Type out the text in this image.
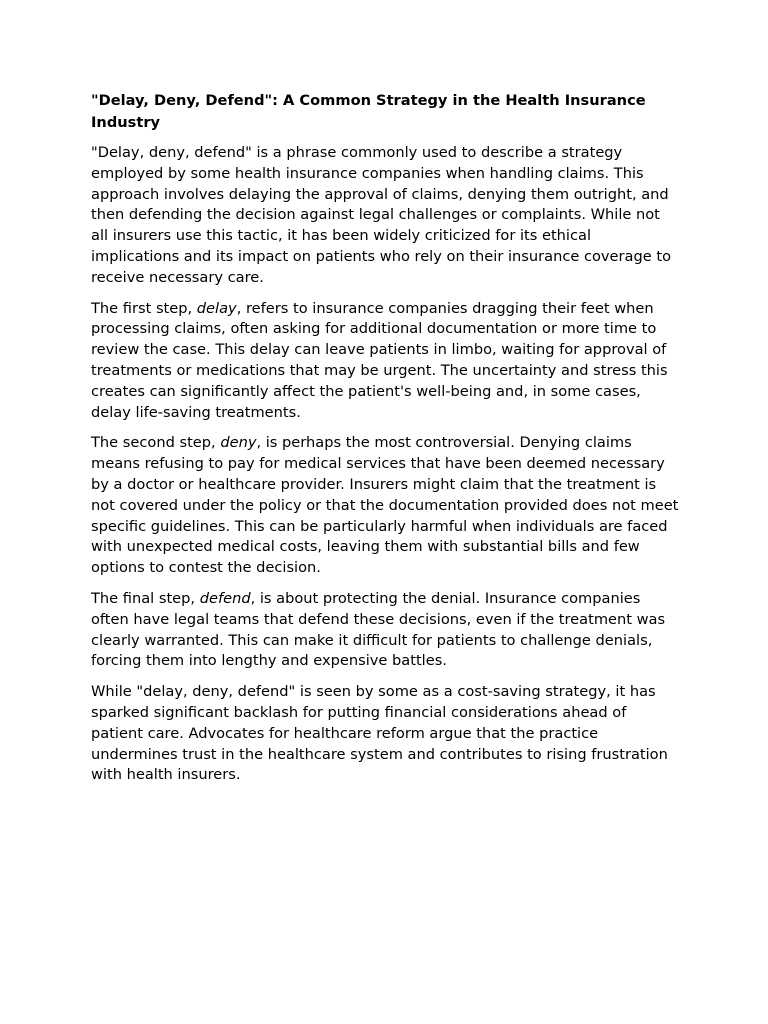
"Delay, Deny, Defend": A Common Strategy in the Health Insurance Industry

"Delay, deny, defend" is a phrase commonly used to describe a strategy employed by some health insurance companies when handling claims. This approach involves delaying the approval of claims, denying them outright, and then defending the decision against legal challenges or complaints. While not all insurers use this tactic, it has been widely criticized for its ethical implications and its impact on patients who rely on their insurance coverage to receive necessary care.

The first step, delay, refers to insurance companies dragging their feet when processing claims, often asking for additional documentation or more time to review the case. This delay can leave patients in limbo, waiting for approval of treatments or medications that may be urgent. The uncertainty and stress this creates can significantly affect the patient's well-being and, in some cases, delay life-saving treatments.

The second step, deny, is perhaps the most controversial. Denying claims means refusing to pay for medical services that have been deemed necessary by a doctor or healthcare provider. Insurers might claim that the treatment is not covered under the policy or that the documentation provided does not meet specific guidelines. This can be particularly harmful when individuals are faced with unexpected medical costs, leaving them with substantial bills and few options to contest the decision.

The final step, defend, is about protecting the denial. Insurance companies often have legal teams that defend these decisions, even if the treatment was clearly warranted. This can make it difficult for patients to challenge denials, forcing them into lengthy and expensive battles.

While "delay, deny, defend" is seen by some as a cost-saving strategy, it has sparked significant backlash for putting financial considerations ahead of patient care. Advocates for healthcare reform argue that the practice undermines trust in the healthcare system and contributes to rising frustration with health insurers.
